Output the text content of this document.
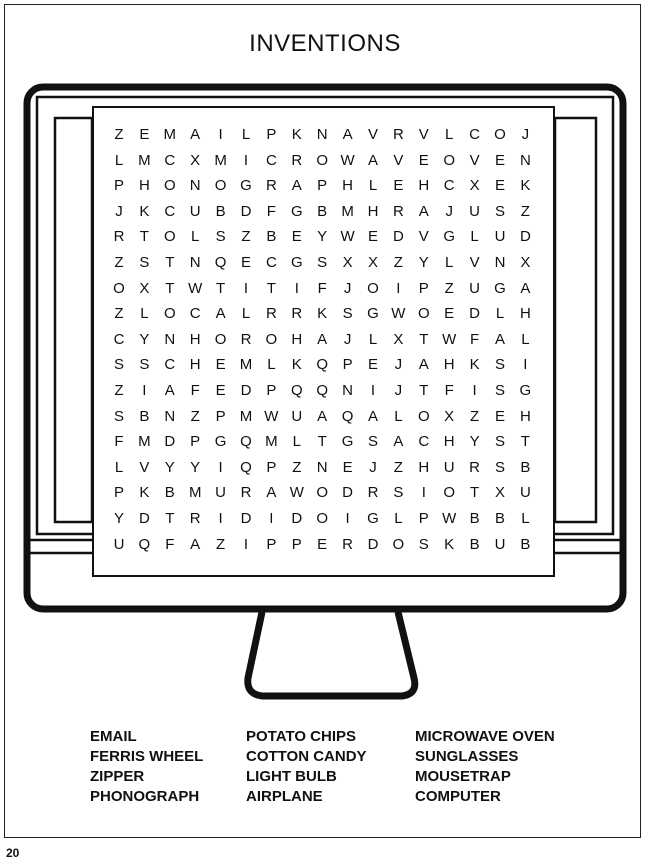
INVENTIONS
Z	E M A	I	L	P	K N A	V R V	L	C O	J
L M C X M	I	C R O W A	V	E O V	E N
P H O N O G R A	P H	L	E H C X	E	K
J	K C U B D	F G B M H R A	J	U S	Z
R	T O	L	S	Z	B	E	Y W E D V G	L	U D
Z	S	T	N Q E C G S	X	X	Z	Y	L	V N X
O X	T W T	I	T	I	F	J	O	I	P	Z	U G A
Z	L	O C A	L	R R K	S G W O E D	L	H
C Y N H O R O H A	J	L	X	T W F	A	L
S	S C H E M L	K Q P	E	J	A H K	S	I
Z	I	A	F	E D P Q Q N	I	J	T	F	I	S G
S	B N	Z	P M W U A Q A	L	O X	Z	E H
F M D P G Q M L	T G S	A C H Y	S	T
L	V	Y	Y	I	Q P	Z	N E	J	Z	H U R S	B
P	K	B M U R A W O D R S	I	O T	X U
Y D	T	R	I	D	I	D O	I	G	L	P W B	B	L
U Q F	A	Z	I	P	P	E R D O S	K	B U B
EMAIL
FERRIS WHEEL
ZIPPER
PHONOGRAPH
POTATO CHIPS
COTTON CANDY
LIGHT BULB
AIRPLANE
MICROWAVE OVEN
SUNGLASSES
MOUSETRAP
COMPUTER
20
